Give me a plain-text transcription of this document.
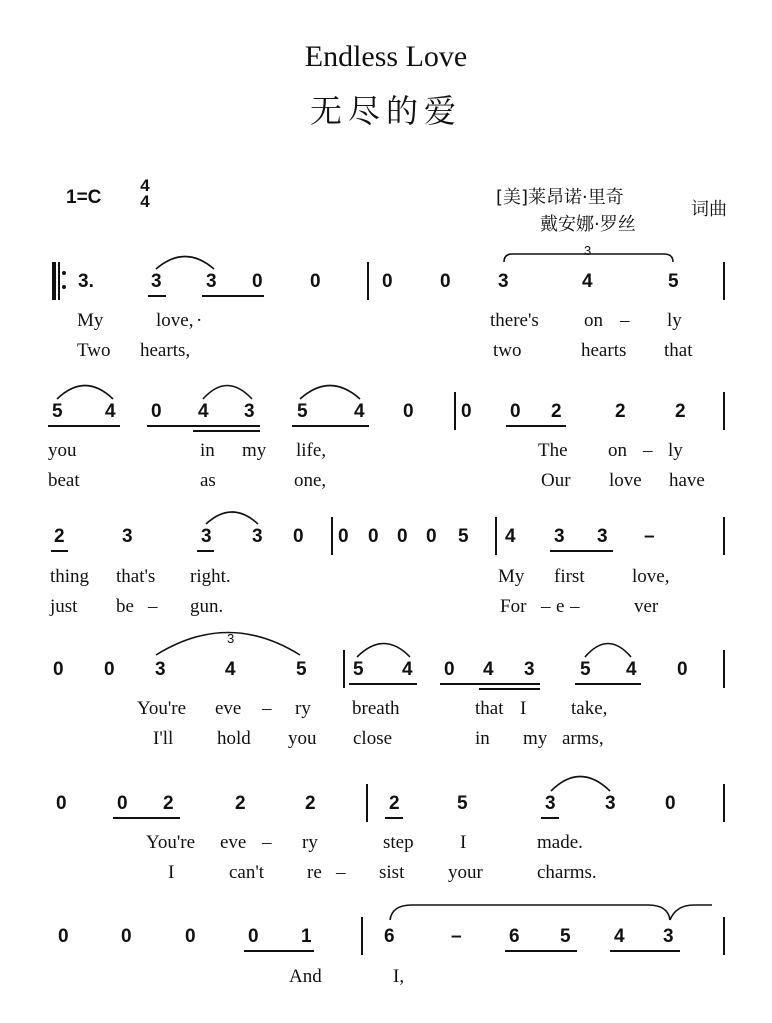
Endless Love
无尽的爱
1=C
4
4	[美]莱昂诺·里奇
戴安娜·罗丝
词曲
3.	3 3 0 0	0 0 3	4	5
3
My	love, ·	there's on – ly
Two hearts,	two	hearts that
5 4 0 4 3 5 4 0 0 0 2	2	2
you	in my life,	The on – ly
beat	as	one,	Our love have
2	3	3 3 0 0 0 0 0 5 4 3 3 –
thing that's right.	My first love,
just be – gun.	For – e –	ver
0 0 3	4	5
3
5 4 0 4 3 5 4 0
You're eve – ry breath	that I take,
I'll hold you close	in my arms,
0	0 2	2	2	2	5	3	3	0
You're eve – ry	step I	made.
I	can't re – sist your	charms.
0	0	0	0 1	6	– 6 5 4 3
And	I,
